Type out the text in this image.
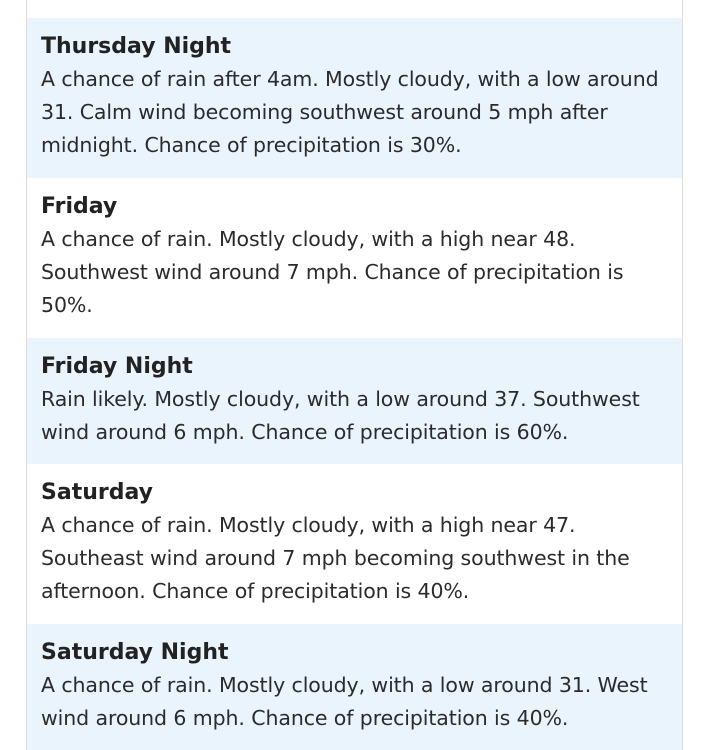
Thursday Night

A chance of rain after 4am. Mostly cloudy, with a low around 31. Calm wind becoming southwest around 5 mph after midnight. Chance of precipitation is 30%.

Friday

A chance of rain. Mostly cloudy, with a high near 48. Southwest wind around 7 mph. Chance of precipitation is 50%.

Friday Night

Rain likely. Mostly cloudy, with a low around 37. Southwest wind around 6 mph. Chance of precipitation is 60%.

Saturday

A chance of rain. Mostly cloudy, with a high near 47. Southeast wind around 7 mph becoming southwest in the afternoon. Chance of precipitation is 40%.

Saturday Night

A chance of rain. Mostly cloudy, with a low around 31. West wind around 6 mph. Chance of precipitation is 40%.
